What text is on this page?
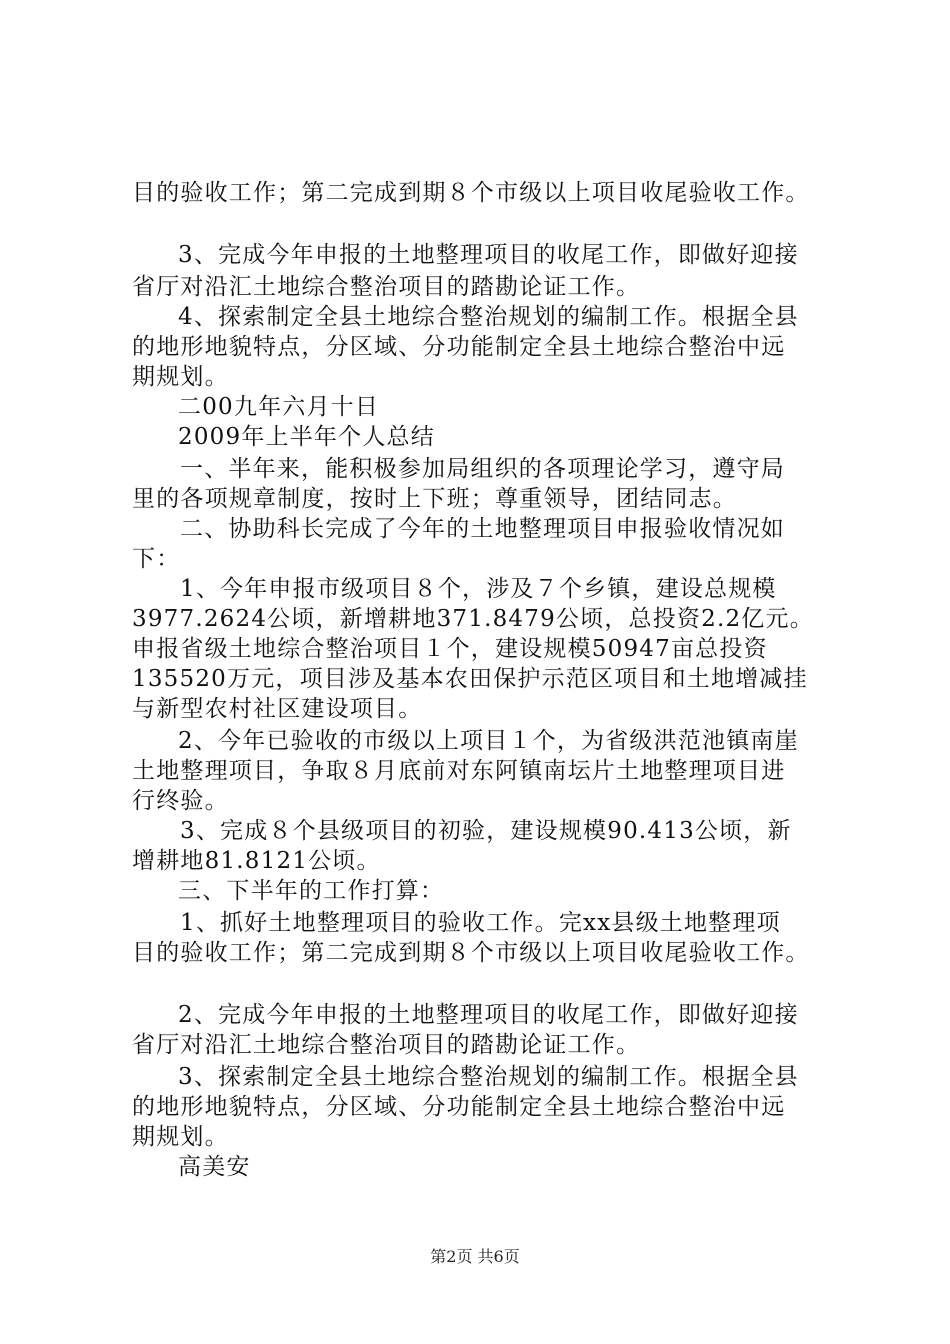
目的验收工作；第二完成到期８个市级以上项目收尾验收工作。
3、完成今年申报的土地整理项目的收尾工作，即做好迎接
省厅对沿汇土地综合整治项目的踏勘论证工作。
4、探索制定全县土地综合整治规划的编制工作。根据全县
的地形地貌特点，分区域、分功能制定全县土地综合整治中远
期规划。
二00九年六月十日
2009年上半年个人总结
一、半年来，能积极参加局组织的各项理论学习，遵守局
里的各项规章制度，按时上下班；尊重领导，团结同志。
二、协助科长完成了今年的土地整理项目申报验收情况如
下：
1、今年申报市级项目８个，涉及７个乡镇，建设总规模
3977.2624公顷，新增耕地371.8479公顷，总投资2.2亿元。
申报省级土地综合整治项目１个，建设规模50947亩总投资
135520万元，项目涉及基本农田保护示范区项目和土地增减挂
与新型农村社区建设项目。
2、今年已验收的市级以上项目１个，为省级洪范池镇南崖
土地整理项目，争取８月底前对东阿镇南坛片土地整理项目进
行终验。
3、完成８个县级项目的初验，建设规模90.413公顷，新
增耕地81.8121公顷。
三、下半年的工作打算：
1、抓好土地整理项目的验收工作。完xx县级土地整理项
目的验收工作；第二完成到期８个市级以上项目收尾验收工作。
2、完成今年申报的土地整理项目的收尾工作，即做好迎接
省厅对沿汇土地综合整治项目的踏勘论证工作。
3、探索制定全县土地综合整治规划的编制工作。根据全县
的地形地貌特点，分区域、分功能制定全县土地综合整治中远
期规划。
高美安
第2页 共6页
